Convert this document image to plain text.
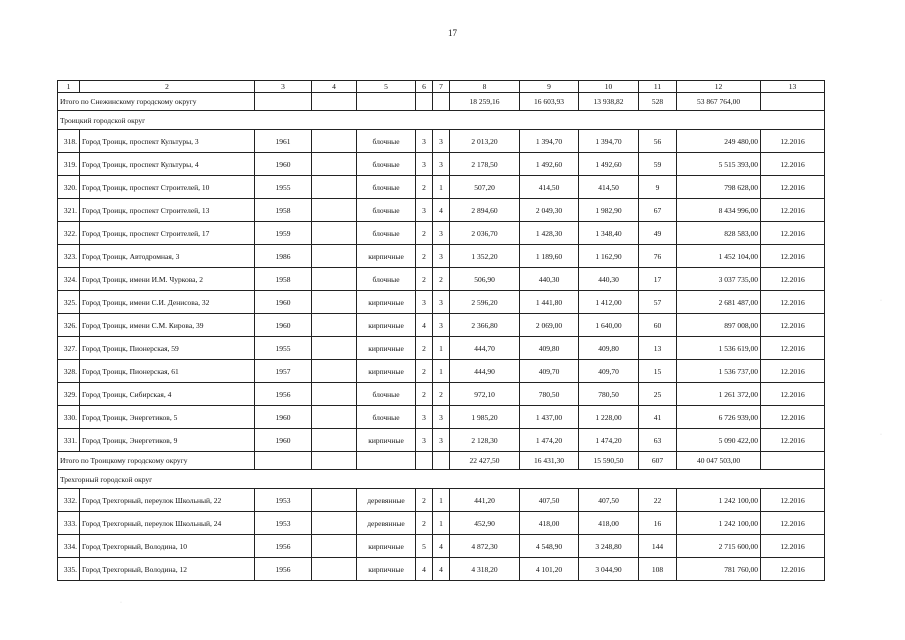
17
1	2	3	4	5	6	7	8	9	10	11	12	13
Итого по Снежинскому городскому округу							18 259,16	16 603,93	13 938,82	528	53 867 764,00	
Троицкий городской округ												
318.	Город Троицк, проспект Культуры, 3	1961		блочные	3	3	2 013,20	1 394,70	1 394,70	56	249 480,00	12.2016
319.	Город Троицк, проспект Культуры, 4	1960		блочные	3	3	2 178,50	1 492,60	1 492,60	59	5 515 393,00	12.2016
320.	Город Троицк, проспект Строителей, 10	1955		блочные	2	1	507,20	414,50	414,50	9	798 628,00	12.2016
321.	Город Троицк, проспект Строителей, 13	1958		блочные	3	4	2 894,60	2 049,30	1 982,90	67	8 434 996,00	12.2016
322.	Город Троицк, проспект Строителей, 17	1959		блочные	2	3	2 036,70	1 428,30	1 348,40	49	828 583,00	12.2016
323.	Город Троицк, Автодромная, 3	1986		кирпичные	2	3	1 352,20	1 189,60	1 162,90	76	1 452 104,00	12.2016
324.	Город Троицк, имени И.М. Чуркова, 2	1958		блочные	2	2	506,90	440,30	440,30	17	3 037 735,00	12.2016
325.	Город Троицк, имени С.И. Денисова, 32	1960		кирпичные	3	3	2 596,20	1 441,80	1 412,00	57	2 681 487,00	12.2016
326.	Город Троицк, имени С.М. Кирова, 39	1960		кирпичные	4	3	2 366,80	2 069,00	1 640,00	60	897 008,00	12.2016
327.	Город Троицк, Пионерская, 59	1955		кирпичные	2	1	444,70	409,80	409,80	13	1 536 619,00	12.2016
328.	Город Троицк, Пионерская, 61	1957		кирпичные	2	1	444,90	409,70	409,70	15	1 536 737,00	12.2016
329.	Город Троицк, Сибирская, 4	1956		блочные	2	2	972,10	780,50	780,50	25	1 261 372,00	12.2016
330.	Город Троицк, Энергетиков, 5	1960		блочные	3	3	1 985,20	1 437,00	1 228,00	41	6 726 939,00	12.2016
331.	Город Троицк, Энергетиков, 9	1960		кирпичные	3	3	2 128,30	1 474,20	1 474,20	63	5 090 422,00	12.2016
Итого по Троицкому городскому округу							22 427,50	16 431,30	15 590,50	607	40 047 503,00	
Трехгорный городской округ												
332.	Город Трехгорный, переулок Школьный, 22	1953		деревянные	2	1	441,20	407,50	407,50	22	1 242 100,00	12.2016
333.	Город Трехгорный, переулок Школьный, 24	1953		деревянные	2	1	452,90	418,00	418,00	16	1 242 100,00	12.2016
334.	Город Трехгорный, Володина, 10	1956		кирпичные	5	4	4 872,30	4 548,90	3 248,80	144	2 715 600,00	12.2016
335.	Город Трехгорный, Володина, 12	1956		кирпичные	4	4	4 318,20	4 101,20	3 044,90	108	781 760,00	12.2016
·
·
·
